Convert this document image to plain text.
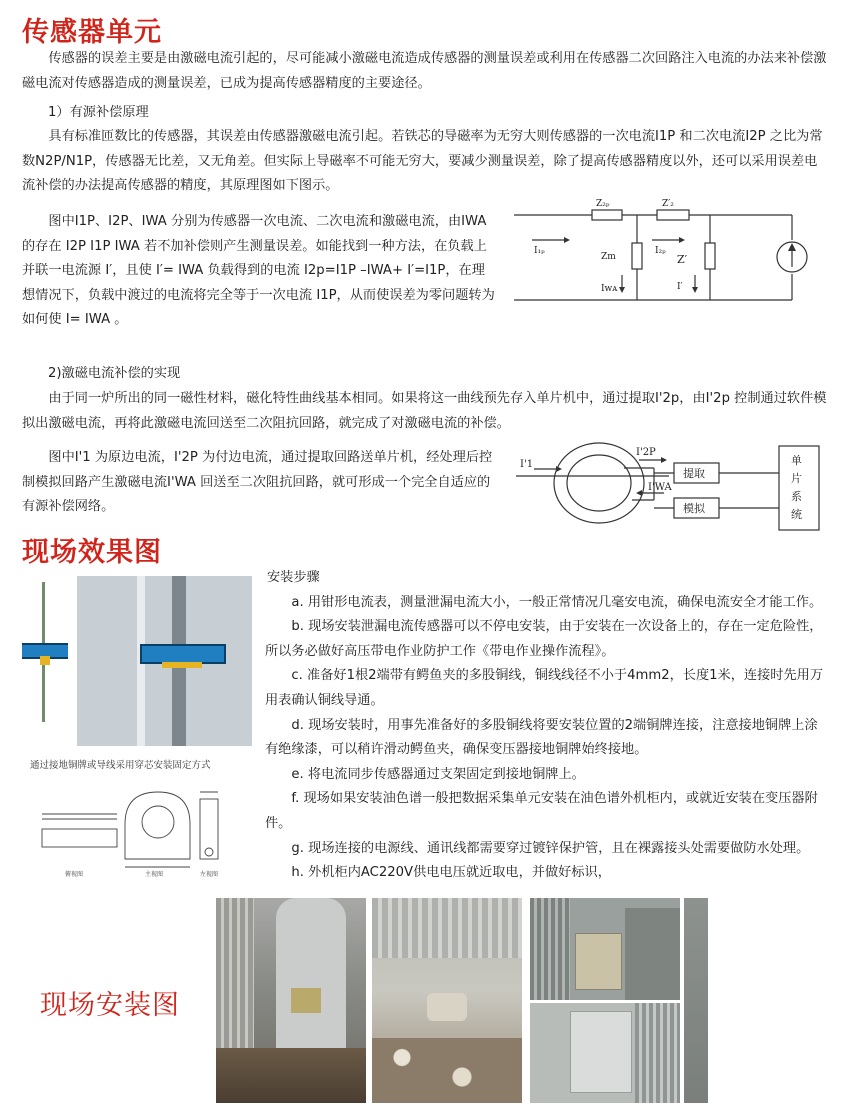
传感器单元

传感器的误差主要是由激磁电流引起的，尽可能减小激磁电流造成传感器的测量误差或利用在传感器二次回路注入电流的办法来补偿激磁电流对传感器造成的测量误差，已成为提高传感器精度的主要途径。

1）有源补偿原理

具有标准匝数比的传感器，其误差由传感器激磁电流引起。若铁芯的导磁率为无穷大则传感器的一次电流I1P 和二次电流I2P 之比为常数N2P/N1P，传感器无比差，又无角差。但实际上导磁率不可能无穷大，要减少测量误差，除了提高传感器精度以外，还可以采用误差电流补偿的办法提高传感器的精度，其原理图如下图示。

图中I1P、I2P、IWA 分别为传感器一次电流、二次电流和激磁电流，由IWA 的存在 I2P I1P IWA 若不加补偿则产生测量误差。如能找到一种方法，在负载上并联一电流源 I′，且使 I′= IWA 负载得到的电流 I2p=I1P –IWA+ I′=I1P，在理想情况下，负载中渡过的电流将完全等于一次电流 I1P，从而使误差为零问题转为如何使 I= IWA 。

Z₂ₚ	Z′₂
I₁ₚ
Zm
I₂ₚ
Z′
Iᴡᴀ	I′
2)激磁电流补偿的实现

由于同一炉所出的同一磁性材料，磁化特性曲线基本相同。如果将这一曲线预先存入单片机中，通过提取I'2p，由I'2p 控制通过软件模拟出激磁电流，再将此激磁电流回送至二次阻抗回路，就完成了对激磁电流的补偿。

图中I'1 为原边电流，I'2P 为付边电流，通过提取回路送单片机，经处理后控制模拟回路产生激磁电流I'WA 回送至二次阻抗回路，就可形成一个完全自适应的有源补偿网络。

I'1
I'2P
I'WA
提取
模拟
单片系统
现场效果图
通过接地铜牌或导线采用穿芯安装固定方式
俯视图	主视图	左视图
安装步骤

a. 用钳形电流表，测量泄漏电流大小，一般正常情况几毫安电流，确保电流安全才能工作。

b. 现场安装泄漏电流传感器可以不停电安装，由于安装在一次设备上的，存在一定危险性，所以务必做好高压带电作业防护工作《带电作业操作流程》。

c. 准备好1根2端带有鳄鱼夹的多股铜线，铜线线径不小于4mm2，长度1米，连接时先用万用表确认铜线导通。

d. 现场安装时，用事先准备好的多股铜线将要安装位置的2端铜牌连接，注意接地铜牌上涂有绝缘漆，可以稍许滑动鳄鱼夹，确保变压器接地铜牌始终接地。

e. 将电流同步传感器通过支架固定到接地铜牌上。

f. 现场如果安装油色谱一般把数据采集单元安装在油色谱外机柜内，或就近安装在变压器附件。

g. 现场连接的电源线、通讯线都需要穿过镀锌保护管，且在裸露接头处需要做防水处理。

h. 外机柜内AC220V供电电压就近取电，并做好标识，

现场安装图
